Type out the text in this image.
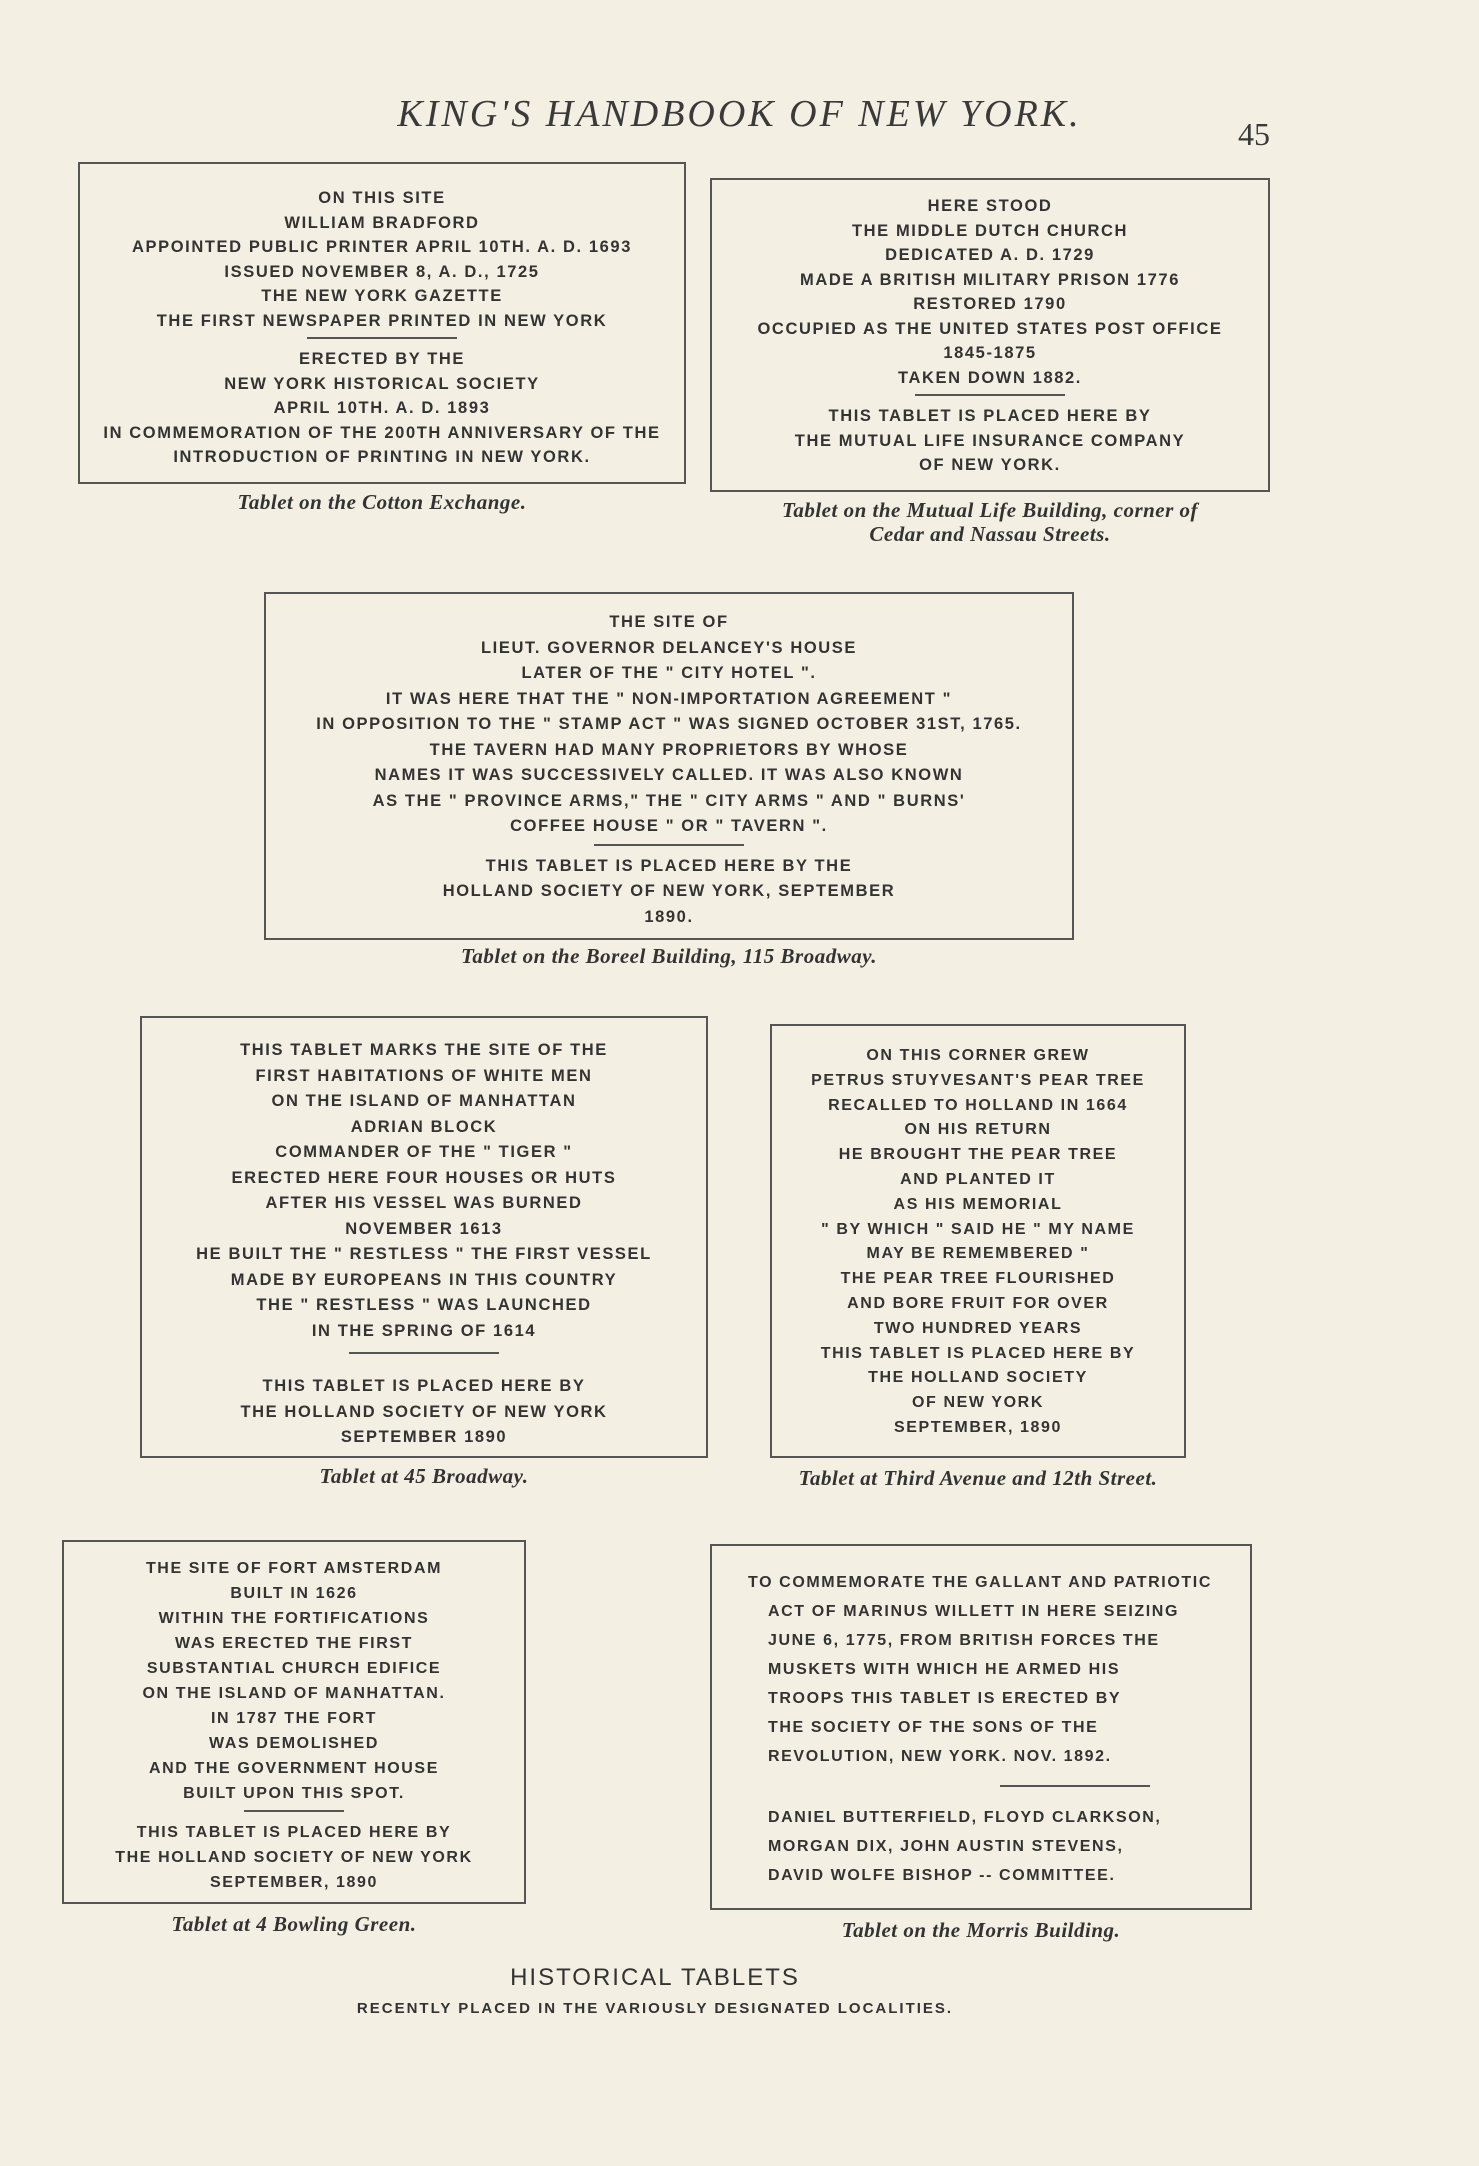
KING'S HANDBOOK OF NEW YORK.	45
ON THIS SITE
WILLIAM BRADFORD
APPOINTED PUBLIC PRINTER APRIL 10TH. A. D. 1693
ISSUED NOVEMBER 8, A. D., 1725
THE NEW YORK GAZETTE
THE FIRST NEWSPAPER PRINTED IN NEW YORK
ERECTED BY THE
NEW YORK HISTORICAL SOCIETY
APRIL 10TH. A. D. 1893
IN COMMEMORATION OF THE 200TH ANNIVERSARY OF THE
INTRODUCTION OF PRINTING IN NEW YORK.
Tablet on the Cotton Exchange.
HERE STOOD
THE MIDDLE DUTCH CHURCH
DEDICATED A. D. 1729
MADE A BRITISH MILITARY PRISON 1776
RESTORED 1790
OCCUPIED AS THE UNITED STATES POST OFFICE
1845-1875
TAKEN DOWN 1882.
THIS TABLET IS PLACED HERE BY
THE MUTUAL LIFE INSURANCE COMPANY
OF NEW YORK.
Tablet on the Mutual Life Building, corner of
Cedar and Nassau Streets.
THE SITE OF
LIEUT. GOVERNOR DELANCEY'S HOUSE
LATER OF THE " CITY HOTEL ".
IT WAS HERE THAT THE " NON-IMPORTATION AGREEMENT "
IN OPPOSITION TO THE " STAMP ACT " WAS SIGNED OCTOBER 31ST, 1765.
THE TAVERN HAD MANY PROPRIETORS BY WHOSE
NAMES IT WAS SUCCESSIVELY CALLED. IT WAS ALSO KNOWN
AS THE " PROVINCE ARMS," THE " CITY ARMS " AND " BURNS'
COFFEE HOUSE " OR " TAVERN ".
THIS TABLET IS PLACED HERE BY THE
HOLLAND SOCIETY OF NEW YORK, SEPTEMBER
1890.
Tablet on the Boreel Building, 115 Broadway.
THIS TABLET MARKS THE SITE OF THE
FIRST HABITATIONS OF WHITE MEN
ON THE ISLAND OF MANHATTAN
ADRIAN BLOCK
COMMANDER OF THE " TIGER "
ERECTED HERE FOUR HOUSES OR HUTS
AFTER HIS VESSEL WAS BURNED
NOVEMBER 1613
HE BUILT THE " RESTLESS " THE FIRST VESSEL
MADE BY EUROPEANS IN THIS COUNTRY
THE " RESTLESS " WAS LAUNCHED
IN THE SPRING OF 1614
THIS TABLET IS PLACED HERE BY
THE HOLLAND SOCIETY OF NEW YORK
SEPTEMBER 1890
Tablet at 45 Broadway.
ON THIS CORNER GREW
PETRUS STUYVESANT'S PEAR TREE
RECALLED TO HOLLAND IN 1664
ON HIS RETURN
HE BROUGHT THE PEAR TREE
AND PLANTED IT
AS HIS MEMORIAL
" BY WHICH " SAID HE " MY NAME
MAY BE REMEMBERED "
THE PEAR TREE FLOURISHED
AND BORE FRUIT FOR OVER
TWO HUNDRED YEARS
THIS TABLET IS PLACED HERE BY
THE HOLLAND SOCIETY
OF NEW YORK
SEPTEMBER, 1890
Tablet at Third Avenue and 12th Street.
THE SITE OF FORT AMSTERDAM
BUILT IN 1626
WITHIN THE FORTIFICATIONS
WAS ERECTED THE FIRST
SUBSTANTIAL CHURCH EDIFICE
ON THE ISLAND OF MANHATTAN.
IN 1787 THE FORT
WAS DEMOLISHED
AND THE GOVERNMENT HOUSE
BUILT UPON THIS SPOT.
THIS TABLET IS PLACED HERE BY
THE HOLLAND SOCIETY OF NEW YORK
SEPTEMBER, 1890
Tablet at 4 Bowling Green.
TO COMMEMORATE THE GALLANT AND PATRIOTIC
ACT OF MARINUS WILLETT IN HERE SEIZING
JUNE 6, 1775, FROM BRITISH FORCES THE
MUSKETS WITH WHICH HE ARMED HIS
TROOPS THIS TABLET IS ERECTED BY
THE SOCIETY OF THE SONS OF THE
REVOLUTION, NEW YORK. NOV. 1892.
DANIEL BUTTERFIELD, FLOYD CLARKSON,
MORGAN DIX, JOHN AUSTIN STEVENS,
DAVID WOLFE BISHOP -- COMMITTEE.
Tablet on the Morris Building.
HISTORICAL TABLETS
RECENTLY PLACED IN THE VARIOUSLY DESIGNATED LOCALITIES.
